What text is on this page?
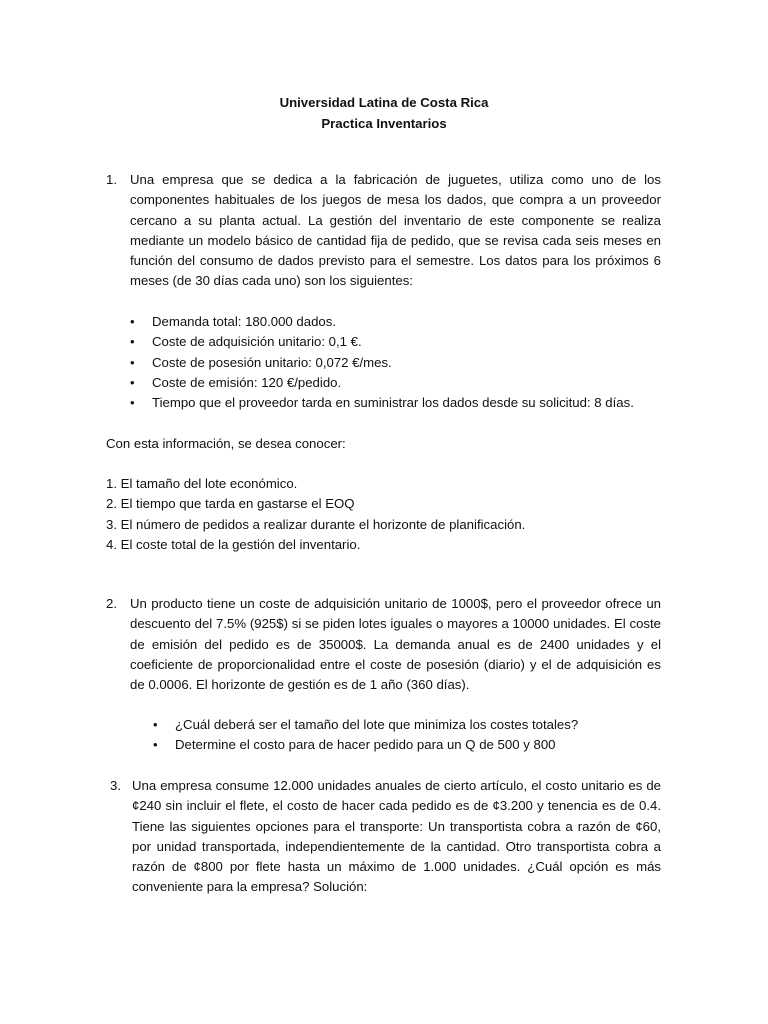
Universidad Latina de Costa Rica
Practica Inventarios
1. Una empresa que se dedica a la fabricación de juguetes, utiliza como uno de los componentes habituales de los juegos de mesa los dados, que compra a un proveedor cercano a su planta actual. La gestión del inventario de este componente se realiza mediante un modelo básico de cantidad fija de pedido, que se revisa cada seis meses en función del consumo de dados previsto para el semestre. Los datos para los próximos 6 meses (de 30 días cada uno) son los siguientes:
•	Demanda total: 180.000 dados.
•	Coste de adquisición unitario: 0,1 €.
•	Coste de posesión unitario: 0,072 €/mes.
•	Coste de emisión: 120 €/pedido.
•	Tiempo que el proveedor tarda en suministrar los dados desde su solicitud: 8 días.
Con esta información, se desea conocer:
1. El tamaño del lote económico.
2. El tiempo que tarda en gastarse el EOQ
3. El número de pedidos a realizar durante el horizonte de planificación.
4. El coste total de la gestión del inventario.
2. Un producto tiene un coste de adquisición unitario de 1000$, pero el proveedor ofrece un descuento del 7.5% (925$) si se piden lotes iguales o mayores a 10000 unidades. El coste de emisión del pedido es de 35000$. La demanda anual es de 2400 unidades y el coeficiente de proporcionalidad entre el coste de posesión (diario) y el de adquisición es de 0.0006. El horizonte de gestión es de 1 año (360 días).
•	¿Cuál deberá ser el tamaño del lote que minimiza los costes totales?
•	Determine el costo para de hacer pedido para un Q de 500 y 800
3. Una empresa consume 12.000 unidades anuales de cierto artículo, el costo unitario es de ¢240 sin incluir el flete, el costo de hacer cada pedido es de ¢3.200 y tenencia es de 0.4. Tiene las siguientes opciones para el transporte: Un transportista cobra a razón de ¢60, por unidad transportada, independientemente de la cantidad. Otro transportista cobra a razón de ¢800 por flete hasta un máximo de 1.000 unidades. ¿Cuál opción es más conveniente para la empresa? Solución:
